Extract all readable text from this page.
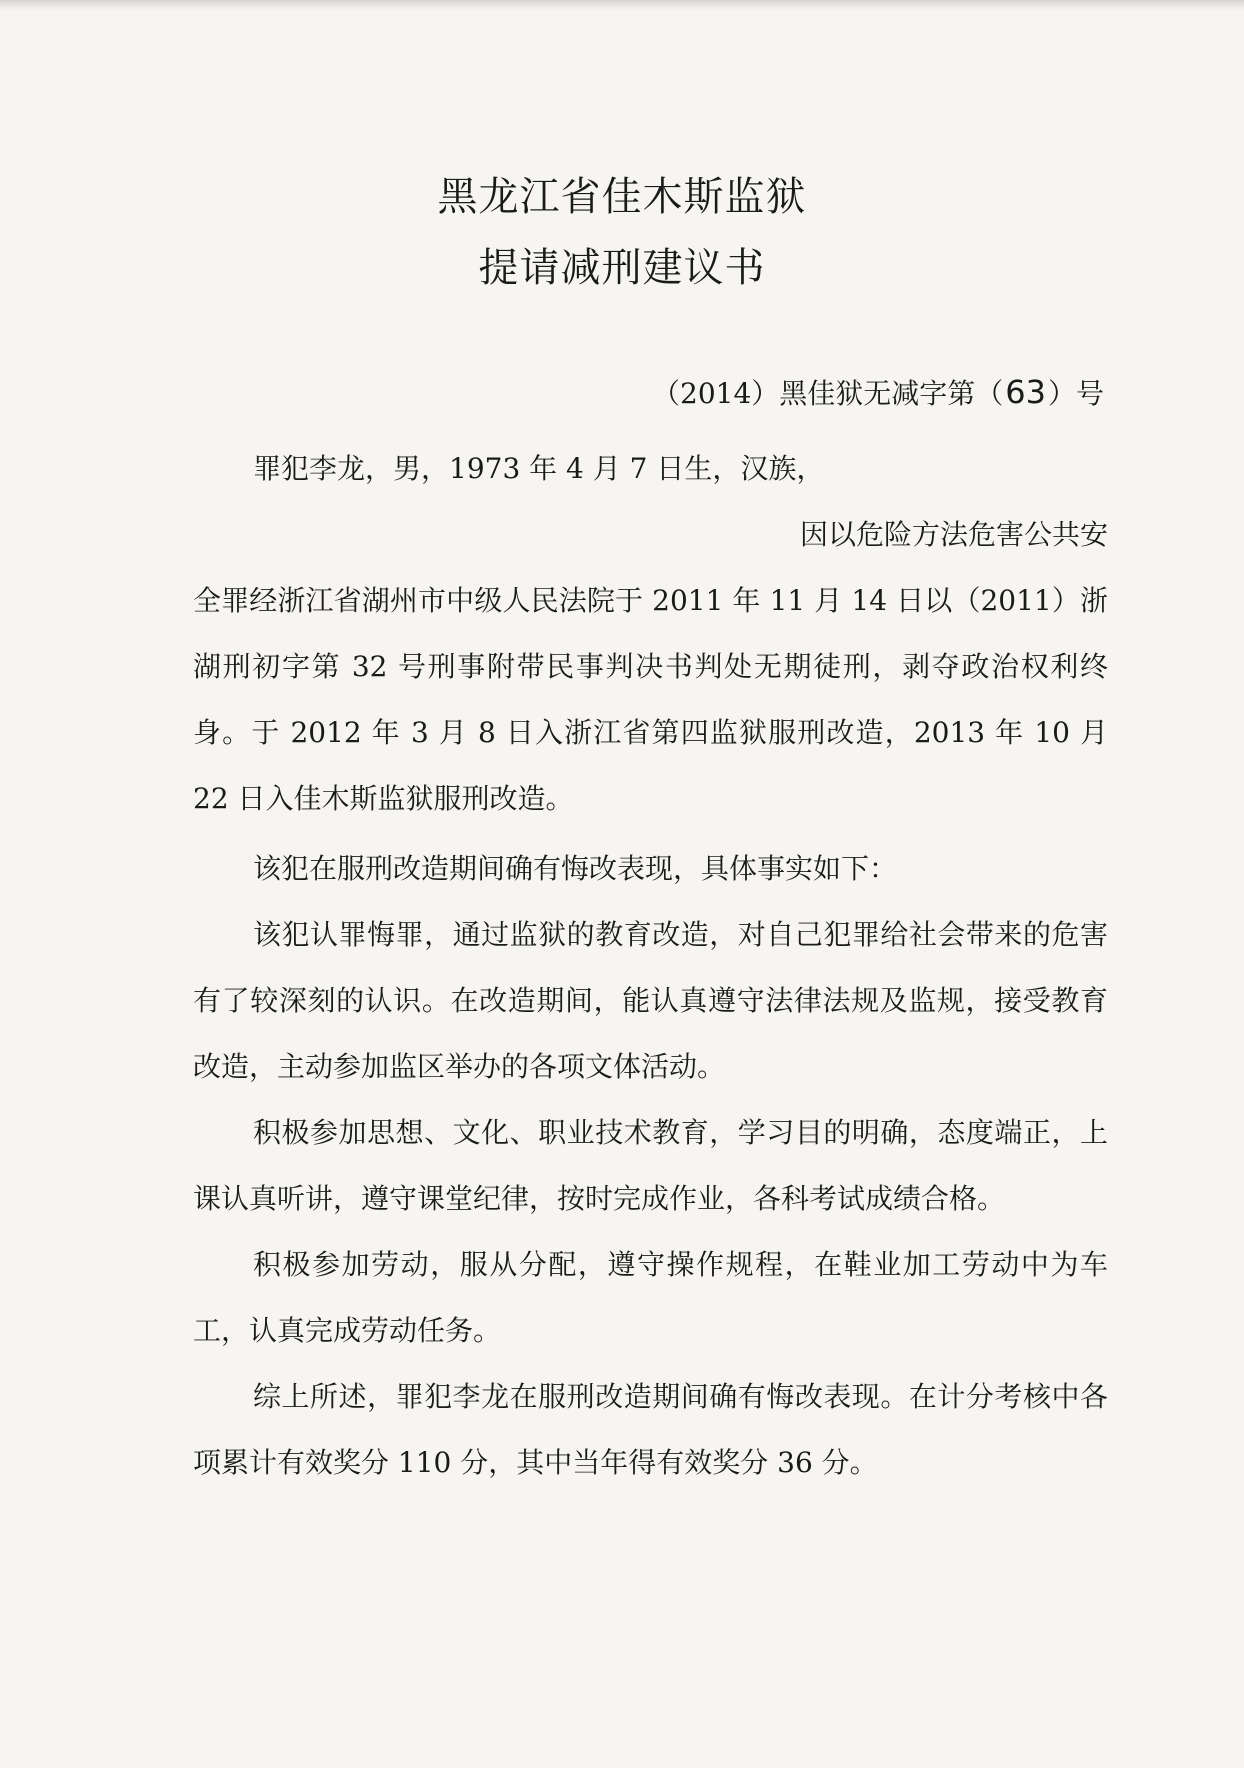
黑龙江省佳木斯监狱
提请减刑建议书
（2014）黑佳狱无减字第（63）号

罪犯李龙，男，1973 年 4 月 7 日生，汉族，

因以危险方法危害公共安

全罪经浙江省湖州市中级人民法院于 2011 年 11 月 14 日以（2011）浙湖刑初字第 32 号刑事附带民事判决书判处无期徒刑，剥夺政治权利终身。于 2012 年 3 月 8 日入浙江省第四监狱服刑改造，2013 年 10 月 22 日入佳木斯监狱服刑改造。

该犯在服刑改造期间确有悔改表现，具体事实如下：

该犯认罪悔罪，通过监狱的教育改造，对自己犯罪给社会带来的危害有了较深刻的认识。在改造期间，能认真遵守法律法规及监规，接受教育改造，主动参加监区举办的各项文体活动。

积极参加思想、文化、职业技术教育，学习目的明确，态度端正，上课认真听讲，遵守课堂纪律，按时完成作业，各科考试成绩合格。

积极参加劳动，服从分配，遵守操作规程，在鞋业加工劳动中为车工，认真完成劳动任务。

综上所述，罪犯李龙在服刑改造期间确有悔改表现。在计分考核中各项累计有效奖分 110 分，其中当年得有效奖分 36 分。
